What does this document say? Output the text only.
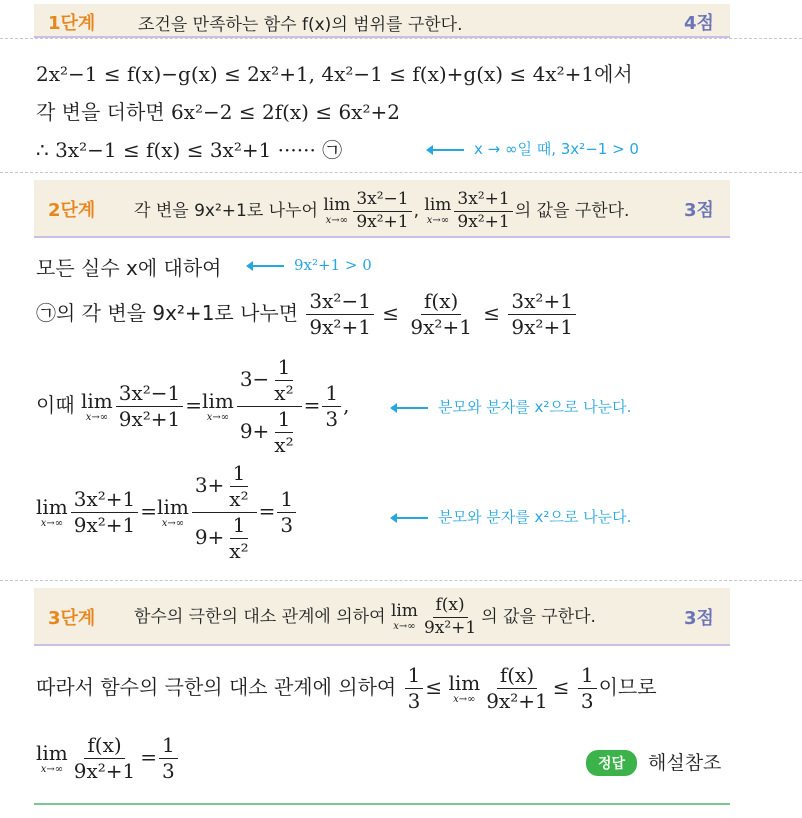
1단계	조건을 만족하는 함수 f(x)의 범위를 구한다.	4점
2x²−1 ≤ f(x)−g(x) ≤ 2x²+1, 4x²−1 ≤ f(x)+g(x) ≤ 4x²+1에서
각 변을 더하면 6x²−2 ≤ 2f(x) ≤ 6x²+2
∴ 3x²−1 ≤ f(x) ≤ 3x²+1 ······ ㉠	x → ∞일 때, 3x²−1 > 0
2단계 각 변을 9x²+1로 나누어 lim
$x\to\infty \frac{\text{3x²−1}}{\text{9x²+1}}$ , lim
$x\to\infty \frac{\text{3x²+1}}{\text{9x²+1}}$ 의 값을 구한다.	3점
모든 실수 x에 대하여	9x²+1 > 0
㉠의 각 변을 9x²+1로 나누면 $\frac{\text{3x²−1}}{\text{9x²+1}} \le \frac{f(x)}{\text{9x²+1}} \le \frac{\text{3x²+1}}{\text{9x²+1}}$
이때 lim
$x\to\infty \frac{\text{3x²−1}}{\text{9x²+1}} = \lim$
$x\to\infty \frac{3- \frac{1}{\text{x²}}}{9+ \frac{1}{\text{x²}}} = \frac{1}{3}$ ,	분모와 분자를 x²으로 나눈다.
lim
$x\to\infty \frac{\text{3x²+1}}{\text{9x²+1}} = \lim$
$x\to\infty \frac{3+ \frac{1}{\text{x²}}}{9+ \frac{1}{\text{x²}}} = \frac{1}{3}$	분모와 분자를 x²으로 나눈다.
3단계 함수의 극한의 대소 관계에 의하여 lim
$x\to\infty \frac{f(x)}{\text{9x²+1}}$ 의 값을 구한다.	3점
따라서 함수의 극한의 대소 관계에 의하여 $\frac{1}{3} \le \lim$
$x\to\infty \frac{f(x)}{\text{9x²+1}} \le \frac{1}{3}$ 이므로
lim
$x\to\infty \frac{f(x)}{\text{9x²+1}} = \frac{1}{3}$	정답	해설참조
